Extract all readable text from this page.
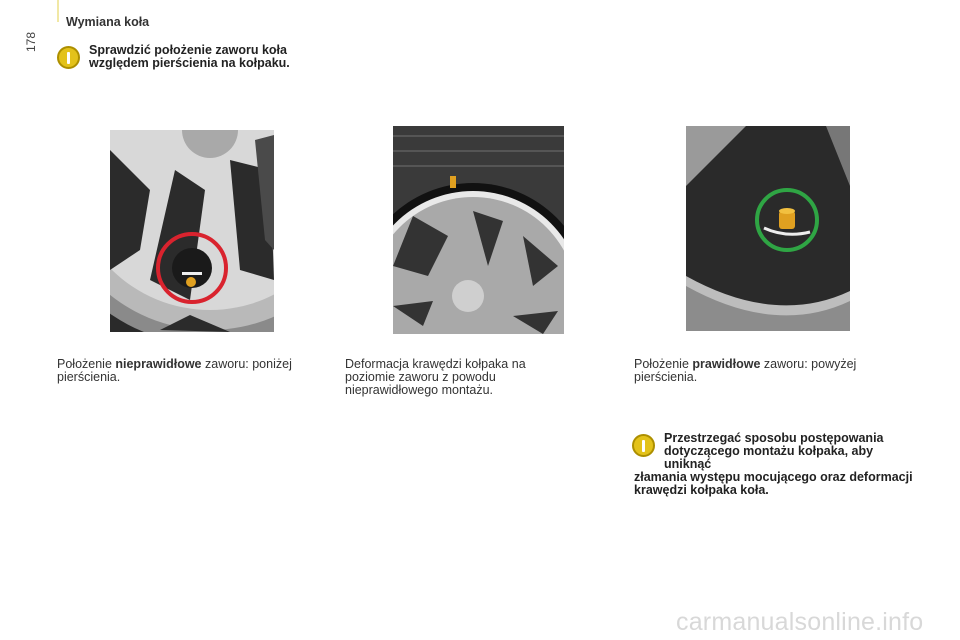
Wymiana koła
178	Sprawdzić położenie zaworu koła względem pierścienia na kołpaku.
Położenie nieprawidłowe zaworu: poniżej pierścienia.
Deformacja krawędzi kołpaka na poziomie zaworu z powodu nieprawidłowego montażu.
Położenie prawidłowe zaworu: powyżej pierścienia.
Przestrzegać sposobu postępowania dotyczącego montażu kołpaka, aby uniknąć
złamania występu mocującego oraz deformacji krawędzi kołpaka koła.
carmanualsonline.info
